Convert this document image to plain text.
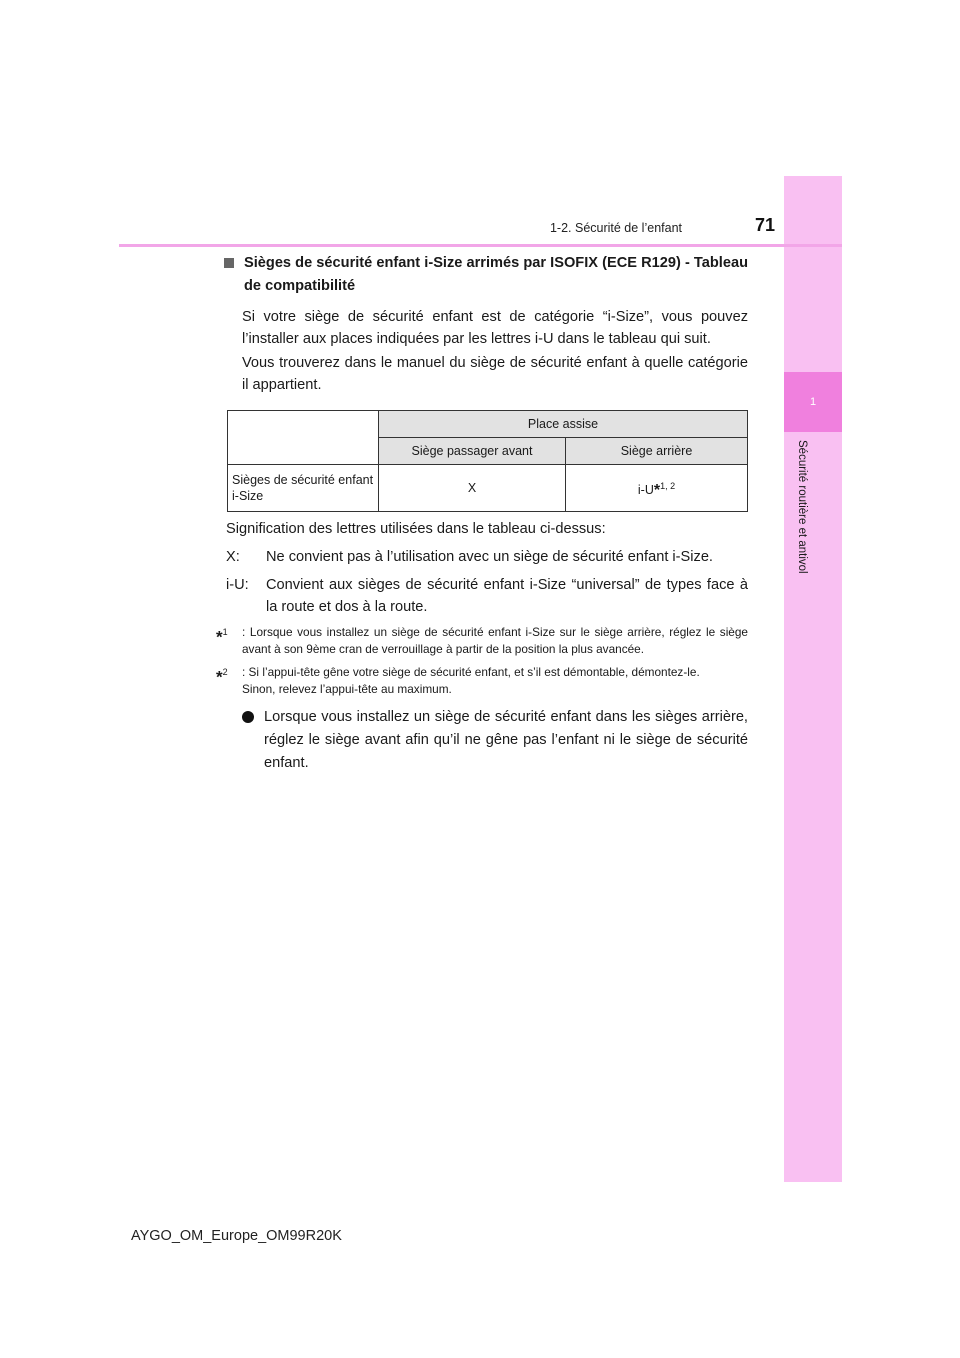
1
Sécurité routière et antivol
1-2. Sécurité de l’enfant	71
Sièges de sécurité enfant i-Size arrimés par ISOFIX (ECE R129) - Tableau de compatibilité
Si votre siège de sécurité enfant est de catégorie “i-Size”, vous pouvez l’installer aux places indiquées par les lettres i-U dans le tableau qui suit.
Vous trouverez dans le manuel du siège de sécurité enfant à quelle catégorie il appartient.
	Place assise	
	Siège passager avant	Siège arrière
Sièges de sécurité enfant i-Size	X	i-U*$^{1, 2}$
Signification des lettres utilisées dans le tableau ci-dessus:
X:	Ne convient pas à l’utilisation avec un siège de sécurité enfant i-Size.
i-U:	Convient aux sièges de sécurité enfant i-Size “universal” de types face à la route et dos à la route.
*$^1$	: Lorsque vous installez un siège de sécurité enfant i-Size sur le siège arrière, réglez le siège avant à son 9ème cran de verrouillage à partir de la position la plus avancée.
*$^2$	: Si l’appui-tête gêne votre siège de sécurité enfant, et s’il est démontable, démontez-le.
Sinon, relevez l’appui-tête au maximum.
Lorsque vous installez un siège de sécurité enfant dans les sièges arrière, réglez le siège avant afin qu’il ne gêne pas l’enfant ni le siège de sécurité enfant.
AYGO_OM_Europe_OM99R20K
